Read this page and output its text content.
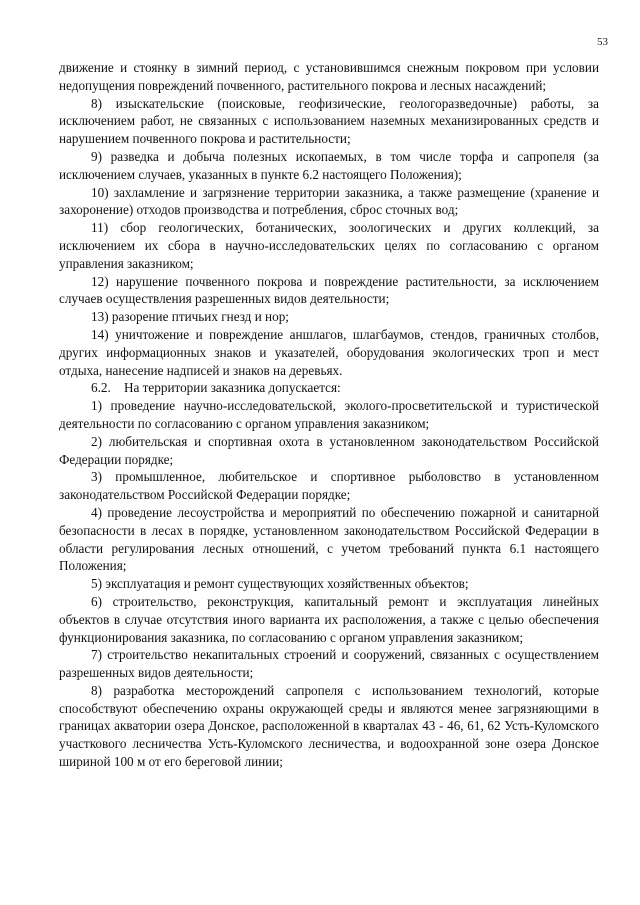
53

движение и стоянку в зимний период, с установившимся снежным покровом при условии недопущения повреждений почвенного, растительного покрова и лесных насаждений;

8) изыскательские (поисковые, геофизические, геологоразведочные) работы, за исключением работ, не связанных с использованием наземных механизированных средств и нарушением почвенного покрова и растительности;

9) разведка и добыча полезных ископаемых, в том числе торфа и сапропеля (за исключением случаев, указанных в пункте 6.2 настоящего Положения);

10) захламление и загрязнение территории заказника, а также размещение (хранение и захоронение) отходов производства и потребления, сброс сточных вод;

11) сбор геологических, ботанических, зоологических и других коллекций, за исключением их сбора в научно-исследовательских целях по согласованию с органом управления заказником;

12) нарушение почвенного покрова и повреждение растительности, за исключением случаев осуществления разрешенных видов деятельности;

13) разорение птичьих гнезд и нор;

14) уничтожение и повреждение аншлагов, шлагбаумов, стендов, граничных столбов, других информационных знаков и указателей, оборудования экологических троп и мест отдыха, нанесение надписей и знаков на деревьях.

6.2.    На территории заказника допускается:

1) проведение научно-исследовательской, эколого-просветительской и туристической деятельности по согласованию с органом управления заказником;

2) любительская и спортивная охота в установленном законодательством Российской Федерации порядке;

3) промышленное, любительское и спортивное рыболовство в установленном законодательством Российской Федерации порядке;

4) проведение лесоустройства и мероприятий по обеспечению пожарной и санитарной безопасности в лесах в порядке, установленном законодательством Российской Федерации в области регулирования лесных отношений, с учетом требований пункта 6.1 настоящего Положения;

5) эксплуатация и ремонт существующих хозяйственных объектов;

6) строительство, реконструкция, капитальный ремонт и эксплуатация линейных объектов в случае отсутствия иного варианта их расположения, а также с целью обеспечения функционирования заказника, по согласованию с органом управления заказником;

7) строительство некапитальных строений и сооружений, связанных с осуществлением разрешенных видов деятельности;

8) разработка месторождений сапропеля с использованием технологий, которые способствуют обеспечению охраны окружающей среды и являются менее загрязняющими в границах акватории озера Донское, расположенной в кварталах 43 - 46, 61, 62 Усть-Куломского участкового лесничества Усть-Куломского лесничества, и водоохранной зоне озера Донское шириной 100 м от его береговой линии;
